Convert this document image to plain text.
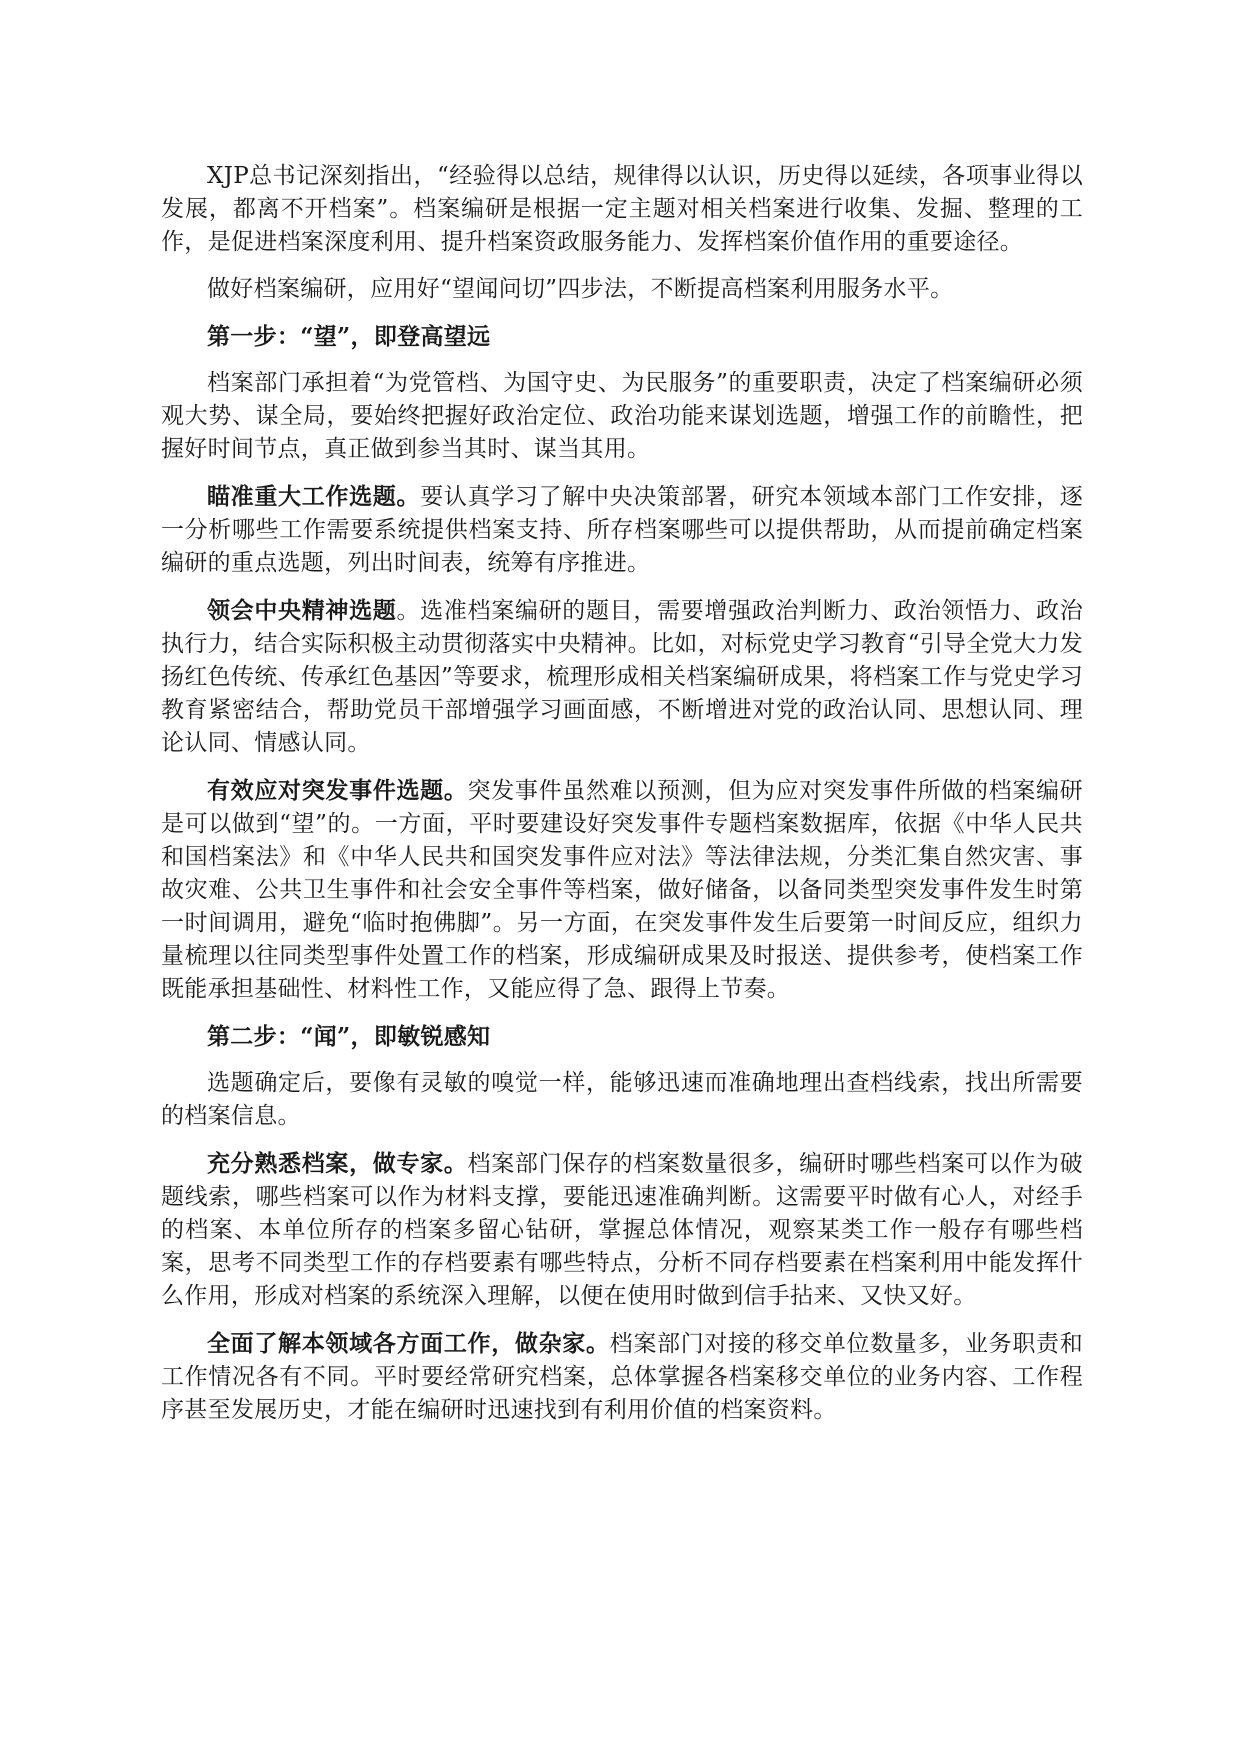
XJP总书记深刻指出，“经验得以总结，规律得以认识，历史得以延续，各项事业得以发展，都离不开档案”。档案编研是根据一定主题对相关档案进行收集、发掘、整理的工作，是促进档案深度利用、提升档案资政服务能力、发挥档案价值作用的重要途径。

做好档案编研，应用好“望闻问切”四步法，不断提高档案利用服务水平。

第一步：“望”，即登高望远

档案部门承担着“为党管档、为国守史、为民服务”的重要职责，决定了档案编研必须观大势、谋全局，要始终把握好政治定位、政治功能来谋划选题，增强工作的前瞻性，把握好时间节点，真正做到参当其时、谋当其用。

瞄准重大工作选题。要认真学习了解中央决策部署，研究本领域本部门工作安排，逐一分析哪些工作需要系统提供档案支持、所存档案哪些可以提供帮助，从而提前确定档案编研的重点选题，列出时间表，统筹有序推进。

领会中央精神选题。选准档案编研的题目，需要增强政治判断力、政治领悟力、政治执行力，结合实际积极主动贯彻落实中央精神。比如，对标党史学习教育“引导全党大力发扬红色传统、传承红色基因”等要求，梳理形成相关档案编研成果，将档案工作与党史学习教育紧密结合，帮助党员干部增强学习画面感，不断增进对党的政治认同、思想认同、理论认同、情感认同。

有效应对突发事件选题。突发事件虽然难以预测，但为应对突发事件所做的档案编研是可以做到“望”的。一方面，平时要建设好突发事件专题档案数据库，依据《中华人民共和国档案法》和《中华人民共和国突发事件应对法》等法律法规，分类汇集自然灾害、事故灾难、公共卫生事件和社会安全事件等档案，做好储备，以备同类型突发事件发生时第一时间调用，避免“临时抱佛脚”。另一方面，在突发事件发生后要第一时间反应，组织力量梳理以往同类型事件处置工作的档案，形成编研成果及时报送、提供参考，使档案工作既能承担基础性、材料性工作，又能应得了急、跟得上节奏。

第二步：“闻”，即敏锐感知

选题确定后，要像有灵敏的嗅觉一样，能够迅速而准确地理出查档线索，找出所需要的档案信息。

充分熟悉档案，做专家。档案部门保存的档案数量很多，编研时哪些档案可以作为破题线索，哪些档案可以作为材料支撑，要能迅速准确判断。这需要平时做有心人，对经手的档案、本单位所存的档案多留心钻研，掌握总体情况，观察某类工作一般存有哪些档案，思考不同类型工作的存档要素有哪些特点，分析不同存档要素在档案利用中能发挥什么作用，形成对档案的系统深入理解，以便在使用时做到信手拈来、又快又好。

全面了解本领域各方面工作，做杂家。档案部门对接的移交单位数量多，业务职责和工作情况各有不同。平时要经常研究档案，总体掌握各档案移交单位的业务内容、工作程序甚至发展历史，才能在编研时迅速找到有利用价值的档案资料。
